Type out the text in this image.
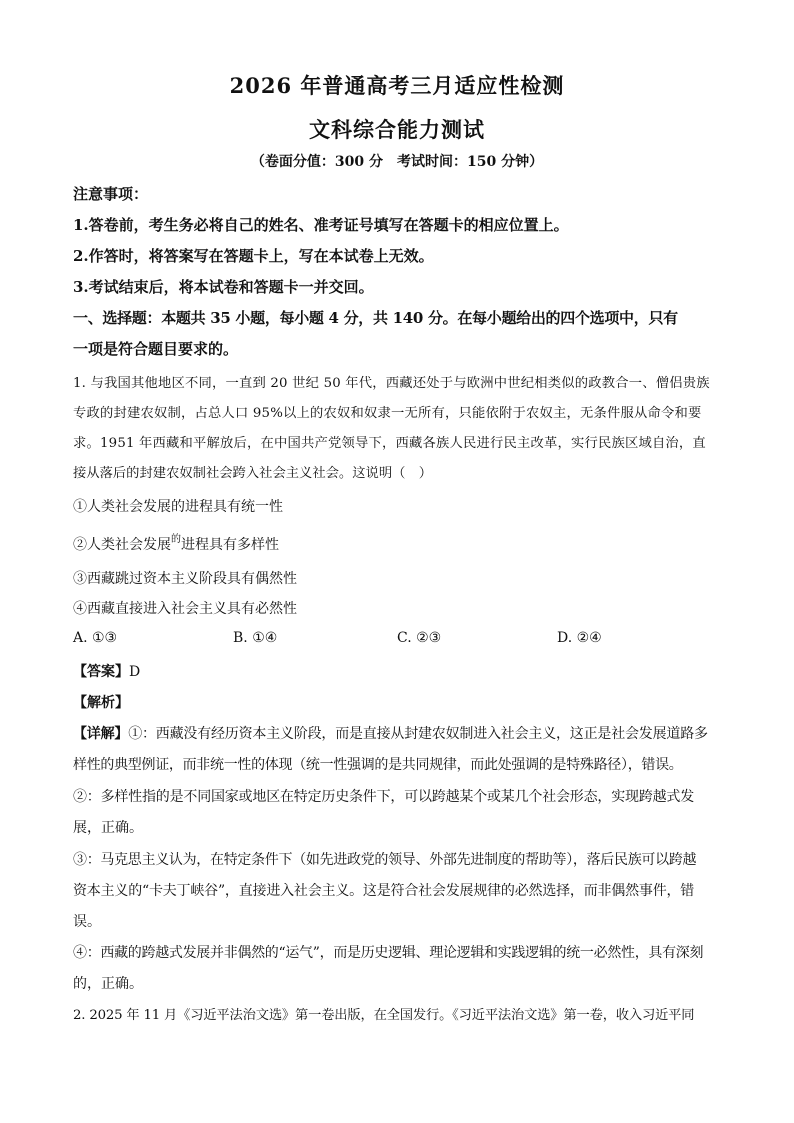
2026 年普通高考三月适应性检测
文科综合能力测试
（卷面分值：300 分　考试时间：150 分钟）
注意事项：
1.答卷前，考生务必将自己的姓名、准考证号填写在答题卡的相应位置上。
2.作答时，将答案写在答题卡上，写在本试卷上无效。
3.考试结束后，将本试卷和答题卡一并交回。
一、选择题：本题共 35 小题，每小题 4 分，共 140 分。在每小题给出的四个选项中，只有
一项是符合题目要求的。
1. 与我国其他地区不同，一直到 20 世纪 50 年代，西藏还处于与欧洲中世纪相类似的政教合一、僧侣贵族
专政的封建农奴制，占总人口 95%以上的农奴和奴隶一无所有，只能依附于农奴主，无条件服从命令和要
求。1951 年西藏和平解放后，在中国共产党领导下，西藏各族人民进行民主改革，实行民族区域自治，直
接从落后的封建农奴制社会跨入社会主义社会。这说明（　）
①人类社会发展的进程具有统一性
②人类社会发展$^的$进程具有多样性
③西藏跳过资本主义阶段具有偶然性
④西藏直接进入社会主义具有必然性
A. ①③	B. ①④	C. ②③	D. ②④
【答案】D
【解析】
【详解】①：西藏没有经历资本主义阶段，而是直接从封建农奴制进入社会主义，这正是社会发展道路多
样性的典型例证，而非统一性的体现（统一性强调的是共同规律，而此处强调的是特殊路径），错误。
②：多样性指的是不同国家或地区在特定历史条件下，可以跨越某个或某几个社会形态，实现跨越式发
展，正确。
③：马克思主义认为，在特定条件下（如先进政党的领导、外部先进制度的帮助等），落后民族可以跨越
资本主义的“卡夫丁峡谷”，直接进入社会主义。这是符合社会发展规律的必然选择，而非偶然事件，错
误。
④：西藏的跨越式发展并非偶然的“运气”，而是历史逻辑、理论逻辑和实践逻辑的统一必然性，具有深刻
的，正确。
2. 2025 年 11 月《习近平法治文选》第一卷出版，在全国发行。《习近平法治文选》第一卷，收入习近平同
